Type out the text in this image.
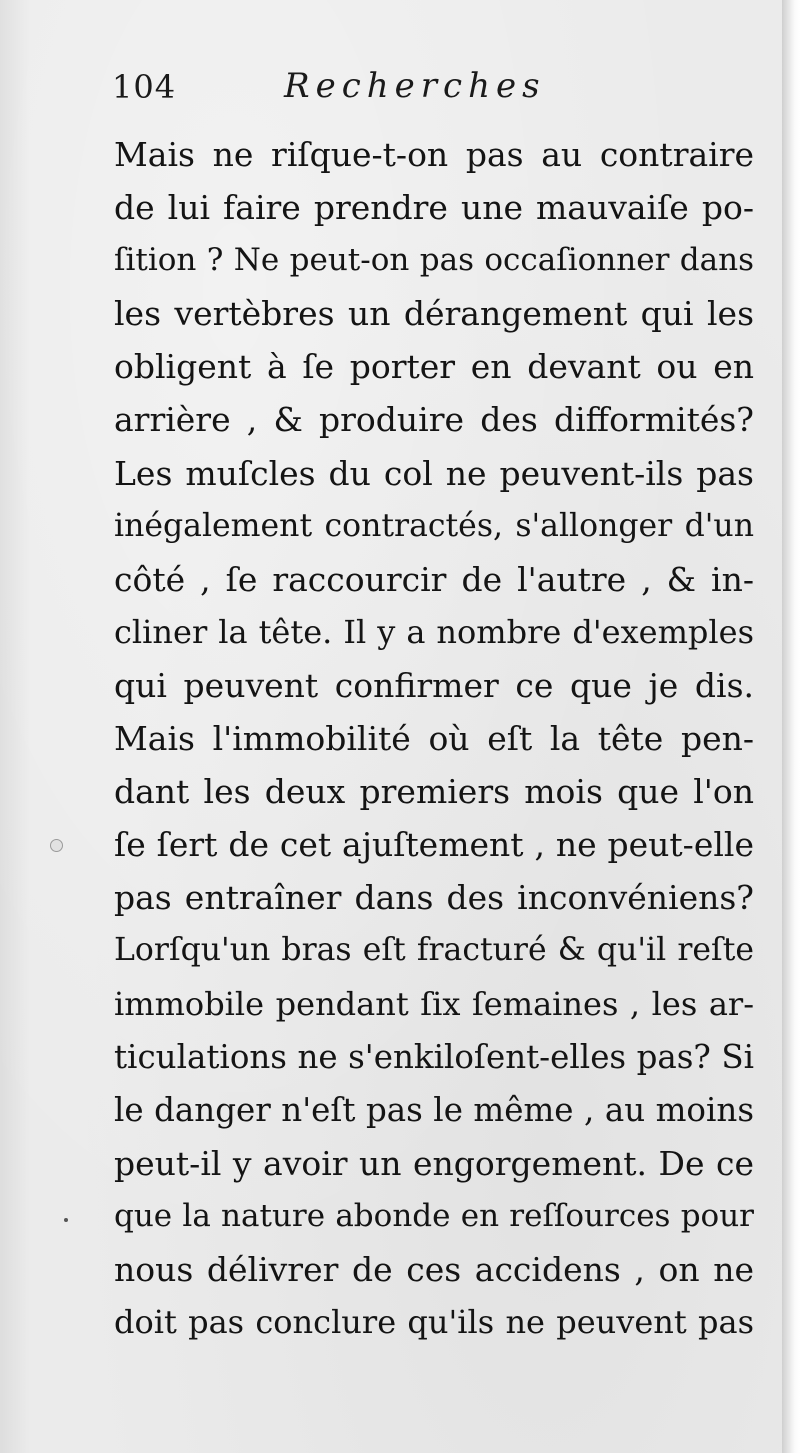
104	Recherches
Mais ne riſque-t-on pas au contraire
de lui faire prendre une mauvaiſe po-
ſition ? Ne peut-on pas occaſionner dans
les vertèbres un dérangement qui les
obligent à ſe porter en devant ou en
arrière , & produire des difformités?
Les muſcles du col ne peuvent-ils pas
inégalement contractés, s'allonger d'un
côté , ſe raccourcir de l'autre , & in-
cliner la tête. Il y a nombre d'exemples
qui peuvent confirmer ce que je dis.
Mais l'immobilité où eſt la tête pen-
dant les deux premiers mois que l'on
ſe ſert de cet ajuſtement , ne peut-elle
pas entraîner dans des inconvéniens?
Lorſqu'un bras eſt fracturé & qu'il reſte
immobile pendant ſix ſemaines , les ar-
ticulations ne s'enkiloſent-elles pas? Si
le danger n'eſt pas le même , au moins
peut-il y avoir un engorgement. De ce
que la nature abonde en reſſources pour
nous délivrer de ces accidens , on ne
doit pas conclure qu'ils ne peuvent pas
